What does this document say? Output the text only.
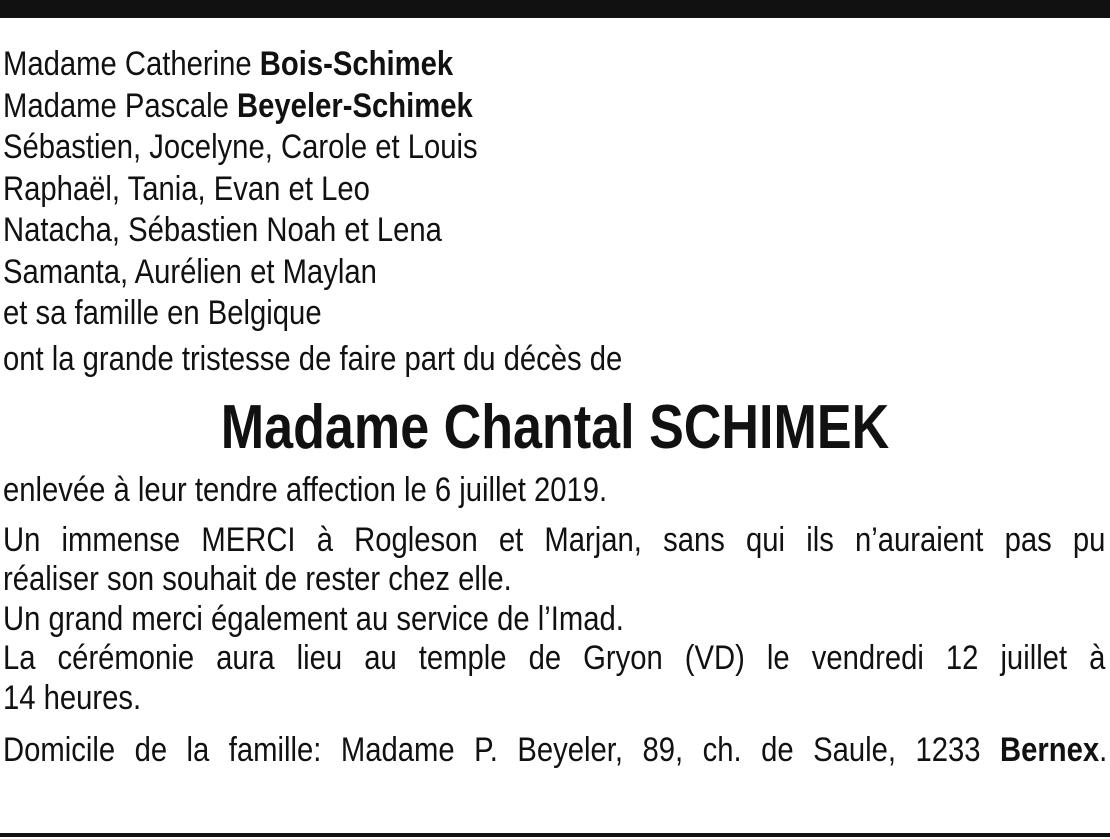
Madame Catherine Bois-Schimek
Madame Pascale Beyeler-Schimek
Sébastien, Jocelyne, Carole et Louis
Raphaël, Tania, Evan et Leo
Natacha, Sébastien Noah et Lena
Samanta, Aurélien et Maylan
et sa famille en Belgique
ont la grande tristesse de faire part du décès de
Madame Chantal SCHIMEK
enlevée à leur tendre affection le 6 juillet 2019.
Un immense MERCI à Rogleson et Marjan, sans qui ils n’auraient pas pu
réaliser son souhait de rester chez elle.
Un grand merci également au service de l’Imad.
La cérémonie aura lieu au temple de Gryon (VD) le vendredi 12 juillet à
14 heures.
Domicile de la famille: Madame P. Beyeler, 89, ch. de Saule, 1233 Bernex.
